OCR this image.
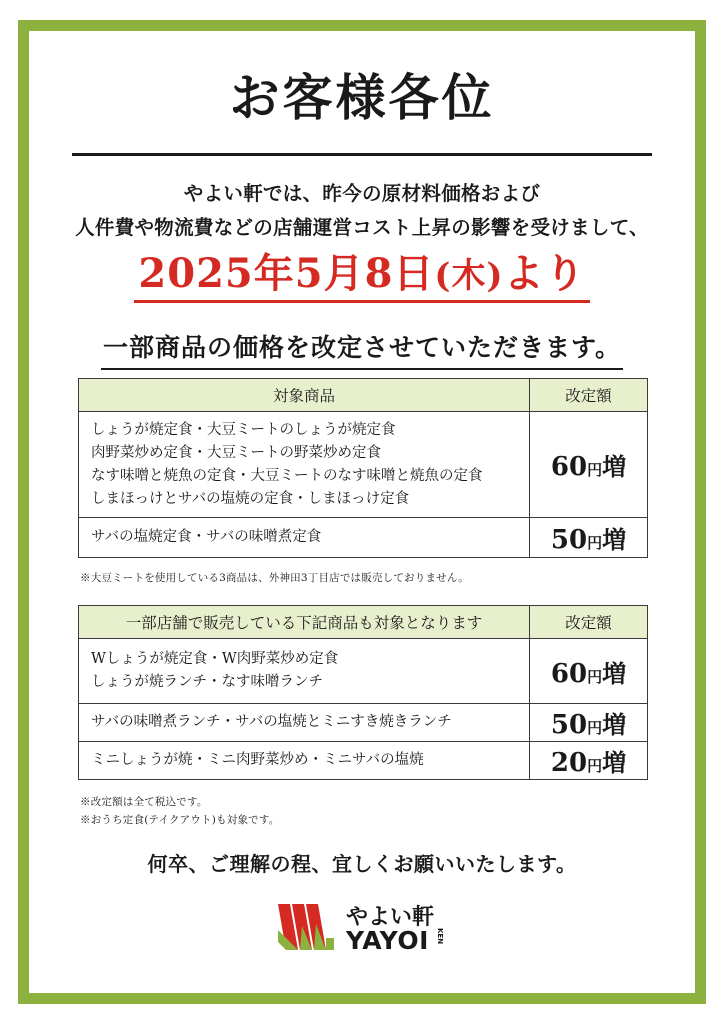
お客様各位

やよい軒では、昨今の原材料価格および

人件費や物流費などの店舗運営コスト上昇の影響を受けまして、

2025年5月8日(木)より
一部商品の価格を改定させていただきます。
対象商品	改定額

しょうが焼定食・大豆ミートのしょうが焼定食
肉野菜炒め定食・大豆ミートの野菜炒め定食
なす味噌と焼魚の定食・大豆ミートのなす味噌と焼魚の定食
しまほっけとサバの塩焼の定食・しまほっけ定食	60円増

サバの塩焼定食・サバの味噌煮定食	50円増

※大豆ミートを使用している3商品は、外神田3丁目店では販売しておりません。

一部店舗で販売している下記商品も対象となります	改定額

Wしょうが焼定食・W肉野菜炒め定食
しょうが焼ランチ・なす味噌ランチ	60円増

サバの味噌煮ランチ・サバの塩焼とミニすき焼きランチ	50円増

ミニしょうが焼・ミニ肉野菜炒め・ミニサバの塩焼	20円増

※改定額は全て税込です。

※おうち定食(テイクアウト)も対象です。

何卒、ご理解の程、宜しくお願いいたします。

やよい軒
YAYOI KEN
